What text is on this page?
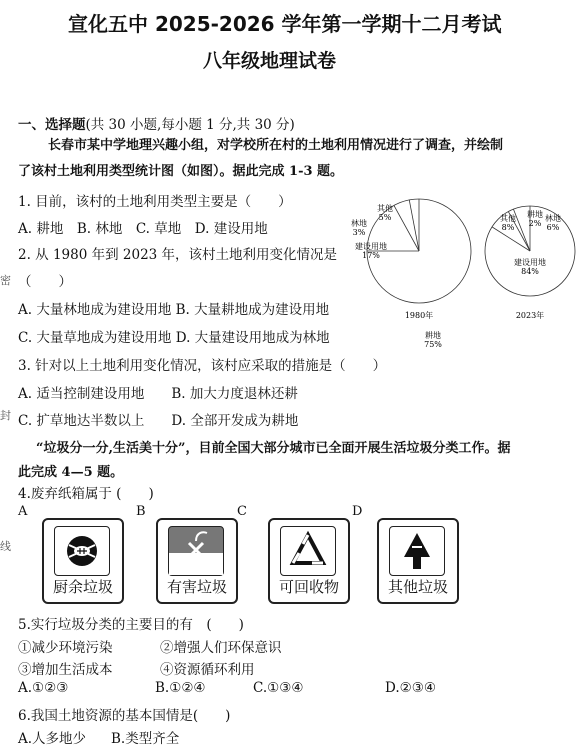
宣化五中 2025-2026 学年第一学期十二月考试
八年级地理试卷
一、选择题(共 30 小题,每小题 1 分,共 30 分)
长春市某中学地理兴趣小组，对学校所在村的土地利用情况进行了调查，并绘制
了该村土地利用类型统计图（如图）。据此完成 1-3 题。
密
封
线
1. 目前，该村的土地利用类型主要是（　　）
A. 耕地　B. 林地　C. 草地　D. 建设用地
2. 从 1980 年到 2023 年，该村土地利用变化情况是
（　　）
A. 大量林地成为建设用地 B. 大量耕地成为建设用地
C. 大量草地成为建设用地 D. 大量建设用地成为林地
3. 针对以上土地利用变化情况，该村应采取的措施是（　　）
A. 适当控制建设用地　　B. 加大力度退林还耕
C. 扩草地达半数以上　　D. 全部开发成为耕地
“垃圾分一分,生活美十分”，目前全国大部分城市已全面开展生活垃圾分类工作。据
此完成 4—5 题。
4.废弃纸箱属于 (　　)
A	B	C	D
厨余垃圾	有害垃圾	可回收物	其他垃圾
5.实行垃圾分类的主要目的有　(　　)
①减少环境污染	②增强人们环保意识
③增加生活成本	④资源循环利用
A.①②③	B.①②④	C.①③④	D.②③④
6.我国土地资源的基本国情是(　　)
A.人多地少 B.类型齐全
耕地 75%
建设用地 17%
其他 5%
林地 3%
1980年
建设用地 84%
其他 8%
耕地 2%
林地 6%
2023年
